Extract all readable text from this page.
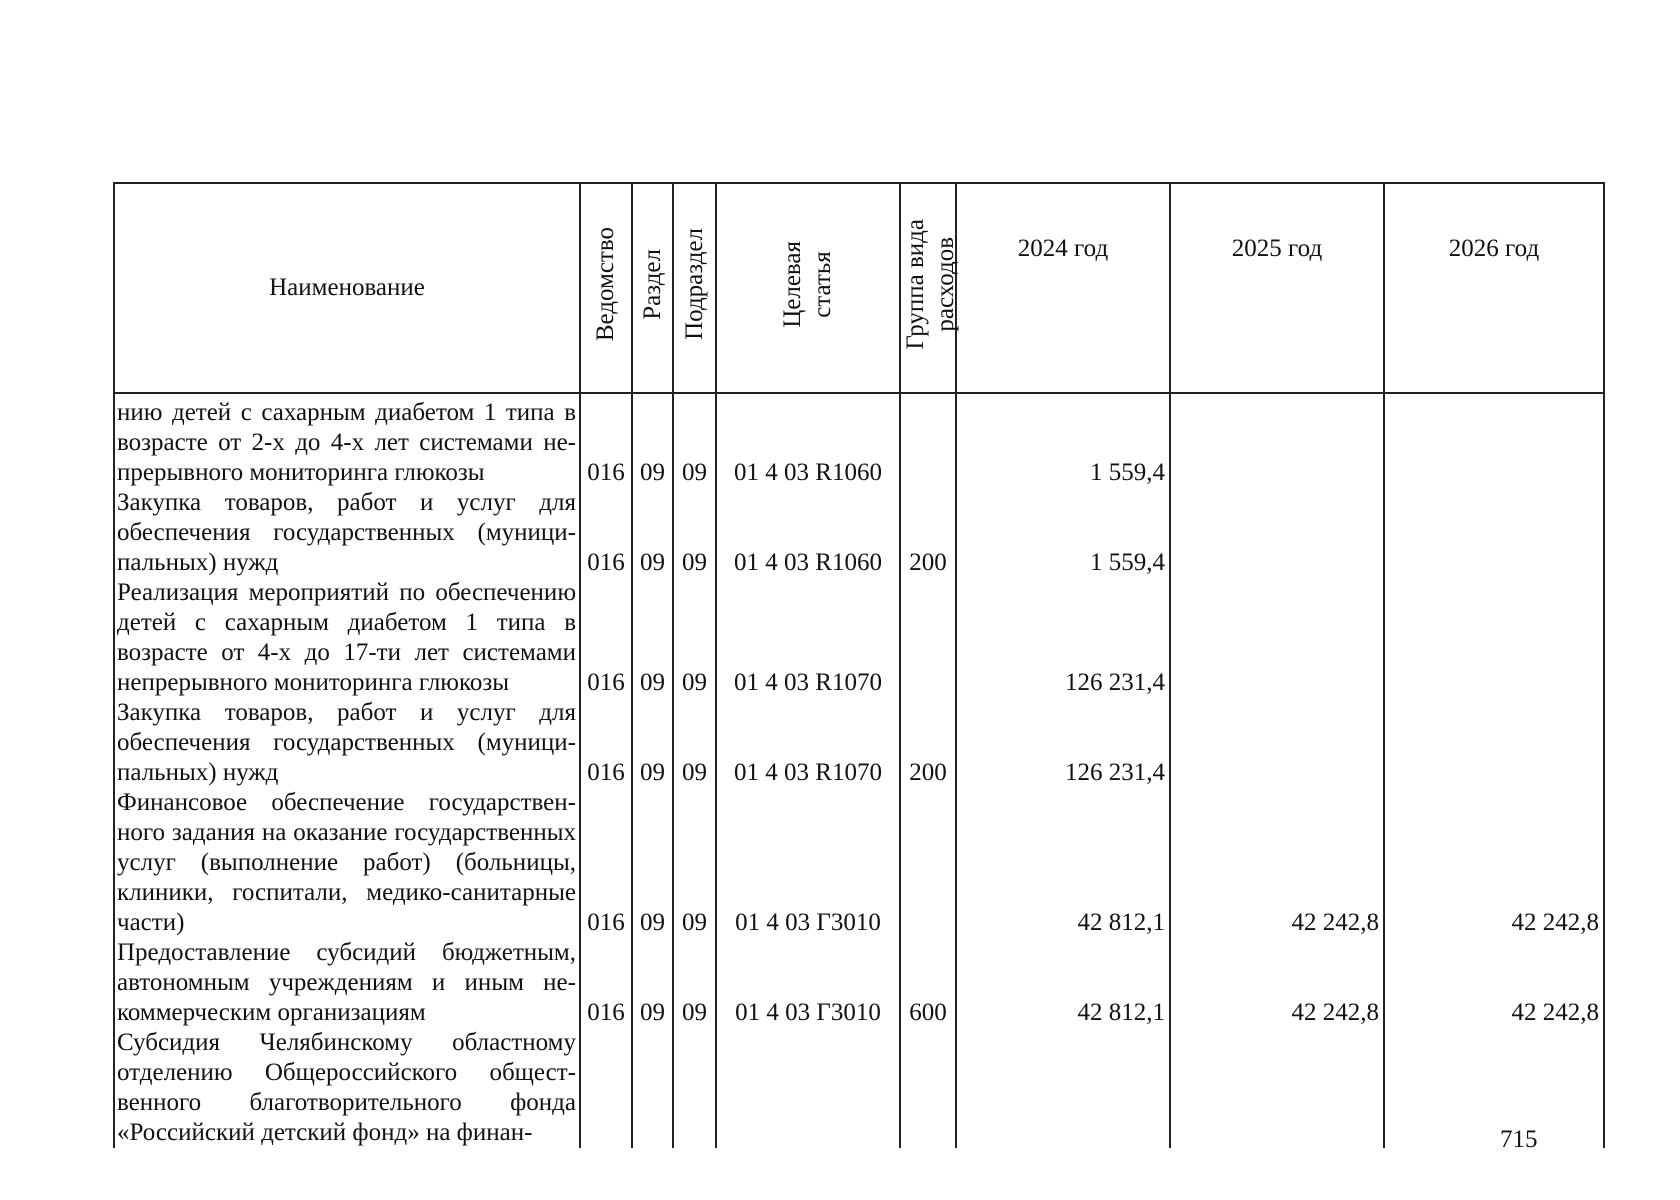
Наименование	Ведомство	Раздел	Подраздел	Целевая статья	Группа вида расходов	2024 год	2025 год	2026 год

нию детей с сахарным диабетом 1 типа в возрасте от 2-х до 4-х лет системами непрерывного мониторинга глюкозы	016	09	09	01 4 03 R1060		1 559,4		
Закупка товаров, работ и услуг для обеспечения государственных (муниципальных) нужд	016	09	09	01 4 03 R1060	200	1 559,4		
Реализация мероприятий по обеспечению детей с сахарным диабетом 1 типа в возрасте от 4-х до 17-ти лет системами непрерывного мониторинга глюкозы	016	09	09	01 4 03 R1070		126 231,4		
Закупка товаров, работ и услуг для обеспечения государственных (муниципальных) нужд	016	09	09	01 4 03 R1070	200	126 231,4		
Финансовое обеспечение государственного задания на оказание государственных услуг (выполнение работ) (больницы, клиники, госпитали, медико-санитарные части)	016	09	09	01 4 03 Г3010		42 812,1	42 242,8	42 242,8
Предоставление субсидий бюджетным, автономным учреждениям и иным некоммерческим организациям	016	09	09	01 4 03 Г3010	600	42 812,1	42 242,8	42 242,8
Субсидия Челябинскому областному отделению Общероссийского общественного благотворительного фонда «Российский детский фонд» на финан-									715
